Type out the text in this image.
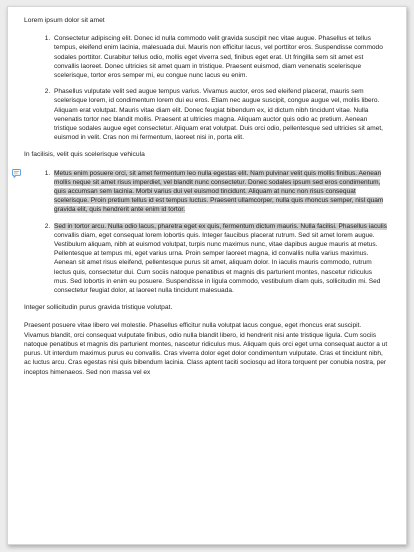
Lorem ipsum dolor sit amet
1. Consectetur adipiscing elit. Donec id nulla commodo velit gravida suscipit nec vitae augue. Phasellus et tellus tempus, eleifend enim lacinia, malesuada dui. Mauris non efficitur lacus, vel porttitor eros. Suspendisse commodo sodales porttitor. Curabitur tellus odio, mollis eget viverra sed, finibus eget erat. Ut fringilla sem sit amet est convallis laoreet. Donec ultricies sit amet quam in tristique. Praesent euismod, diam venenatis scelerisque scelerisque, tortor eros semper mi, eu congue nunc lacus eu enim.
2. Phasellus vulputate velit sed augue tempus varius. Vivamus auctor, eros sed eleifend placerat, mauris sem scelerisque lorem, id condimentum lorem dui eu eros. Etiam nec augue suscipit, congue augue vel, mollis libero. Aliquam erat volutpat. Mauris vitae diam elit. Donec feugiat bibendum ex, id dictum nibh tincidunt vitae. Nulla venenatis tortor nec blandit mollis. Praesent at ultricies magna. Aliquam auctor quis odio ac pretium. Aenean tristique sodales augue eget consectetur. Aliquam erat volutpat. Duis orci odio, pellentesque sed ultricies sit amet, euismod in velit. Cras non mi fermentum, laoreet nisi in, porta elit.
In facilisis, velit quis scelerisque vehicula
1. Metus enim posuere orci, sit amet fermentum leo nulla egestas elit. Nam pulvinar velit quis mollis finibus. Aenean mollis neque sit amet risus imperdiet, vel blandit nunc consectetur. Donec sodales ipsum sed eros condimentum, quis accumsan sem lacinia. Morbi varius dui vel euismod tincidunt. Aliquam at nunc non risus consequat scelerisque. Proin pretium tellus id est tempus luctus. Praesent ullamcorper, nulla quis rhoncus semper, nisl quam gravida elit, quis hendrerit ante enim id tortor.
2. Sed in tortor arcu. Nulla odio lacus, pharetra eget ex quis, fermentum dictum mauris. Nulla facilisi. Phasellus iaculis convallis diam, eget consequat lorem lobortis quis. Integer faucibus placerat rutrum. Sed sit amet lorem augue. Vestibulum aliquam, nibh at euismod volutpat, turpis nunc maximus nunc, vitae dapibus augue mauris at metus. Pellentesque at tempus mi, eget varius urna. Proin semper laoreet magna, id convallis nulla varius maximus. Aenean sit amet risus eleifend, pellentesque purus sit amet, aliquam dolor. In iaculis mauris commodo, rutrum lectus quis, consectetur dui. Cum sociis natoque penatibus et magnis dis parturient montes, nascetur ridiculus mus. Sed lobortis in enim eu posuere. Suspendisse in ligula commodo, vestibulum diam quis, sollicitudin mi. Sed consectetur feugiat dolor, at laoreet nulla tincidunt malesuada.
Integer sollicitudin purus gravida tristique volutpat.

Praesent posuere vitae libero vel molestie. Phasellus efficitur nulla volutpat lacus congue, eget rhoncus erat suscipit. Vivamus blandit, orci consequat vulputate finibus, odio nulla blandit libero, id hendrerit nisi ante tristique ligula. Cum sociis natoque penatibus et magnis dis parturient montes, nascetur ridiculus mus. Aliquam quis orci eget urna consequat auctor a ut purus. Ut interdum maximus purus eu convallis. Cras viverra dolor eget dolor condimentum vulputate. Cras et tincidunt nibh, ac luctus arcu. Cras egestas nisi quis bibendum lacinia. Class aptent taciti sociosqu ad litora torquent per conubia nostra, per inceptos himenaeos. Sed non massa vel ex
